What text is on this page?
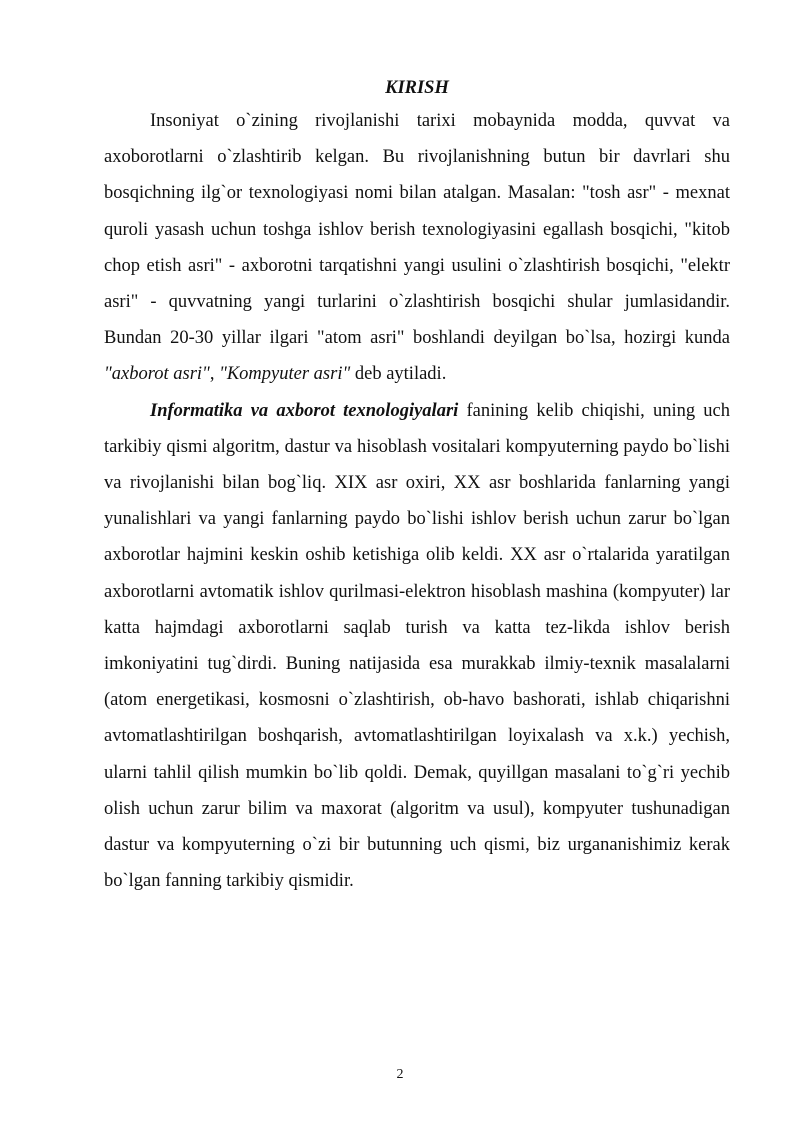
KIRISH

Insoniyat o`zining rivojlanishi tarixi mobaynida modda, quvvat va axoborotlarni o`zlashtirib kelgan. Bu rivojlanishning butun bir davrlari shu bosqichning ilg`or texnologiyasi nomi bilan atalgan. Masalan: "tosh asr" - mexnat quroli yasash uchun toshga ishlov berish texnologiyasini egallash bosqichi, "kitob chop etish asri" - axborotni tarqatishni yangi usulini o`zlashtirish bosqichi, "elektr asri" - quvvatning yangi turlarini o`zlashtirish bosqichi shular jumlasidandir. Bundan 20-30 yillar ilgari "atom asri" boshlandi deyilgan bo`lsa, hozirgi kunda "axborot asri", "Kompyuter asri" deb aytiladi.

Informatika va axborot texnologiyalari fanining kelib chiqishi, uning uch tarkibiy qismi algoritm, dastur va hisoblash vositalari kompyuterning paydo bo`lishi va rivojlanishi bilan bog`liq. XIX asr oxiri, XX asr boshlarida fanlarning yangi yunalishlari va yangi fanlarning paydo bo`lishi ishlov berish uchun zarur bo`lgan axborotlar hajmini keskin oshib ketishiga olib keldi. XX asr o`rtalarida yaratilgan axborotlarni avtomatik ishlov qurilmasi-elektron hisoblash mashina (kompyuter) lar katta hajmdagi axborotlarni saqlab turish va katta tez-likda ishlov berish imkoniyatini tug`dirdi. Buning natijasida esa murakkab ilmiy-texnik masalalarni (atom energetikasi, kosmosni o`zlashtirish, ob-havo bashorati, ishlab chiqarishni avtomatlashtirilgan boshqarish, avtomatlashtirilgan loyixalash va x.k.) yechish, ularni tahlil qilish mumkin bo`lib qoldi. Demak, quyillgan masalani to`g`ri yechib olish uchun zarur bilim va maxorat (algoritm va usul), kompyuter tushunadigan dastur va kompyuterning o`zi bir butunning uch qismi, biz urgananishimiz kerak bo`lgan fanning tarkibiy qismidir.

2
